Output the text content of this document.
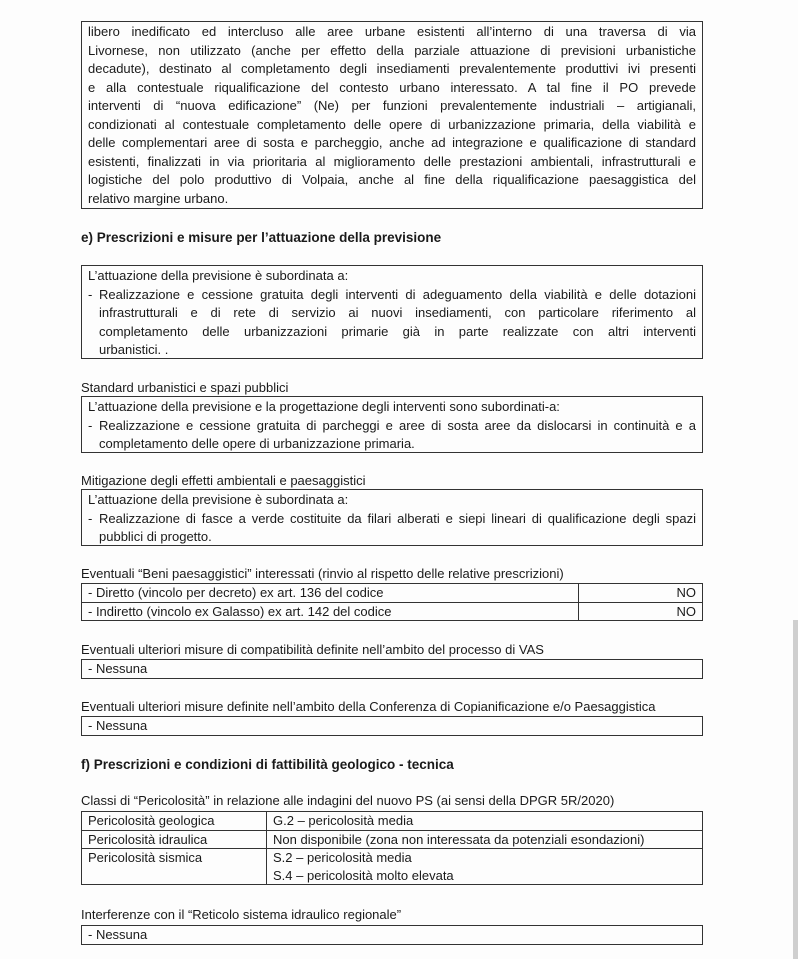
libero inedificato ed intercluso alle aree urbane esistenti all’interno di una traversa di via
Livornese, non utilizzato (anche per effetto della parziale attuazione di previsioni urbanistiche
decadute), destinato al completamento degli insediamenti prevalentemente produttivi ivi presenti
e alla contestuale riqualificazione del contesto urbano interessato. A tal fine il PO prevede
interventi di “nuova edificazione” (Ne) per funzioni prevalentemente industriali – artigianali,
condizionati al contestuale completamento delle opere di urbanizzazione primaria, della viabilità e
delle complementari aree di sosta e parcheggio, anche ad integrazione e qualificazione di standard
esistenti, finalizzati in via prioritaria al miglioramento delle prestazioni ambientali, infrastrutturali e
logistiche del polo produttivo di Volpaia, anche al fine della riqualificazione paesaggistica del
relativo margine urbano.
e) Prescrizioni e misure per l’attuazione della previsione
L’attuazione della previsione è subordinata a:
- Realizzazione e cessione gratuita degli interventi di adeguamento della viabilità e delle dotazioni
infrastrutturali e di rete di servizio ai nuovi insediamenti, con particolare riferimento al
completamento delle urbanizzazioni primarie già in parte realizzate con altri interventi
urbanistici. .
Standard urbanistici e spazi pubblici
L’attuazione della previsione e la progettazione degli interventi sono subordinati-a:
- Realizzazione e cessione gratuita di parcheggi e aree di sosta aree da dislocarsi in continuità e a
completamento delle opere di urbanizzazione primaria.
Mitigazione degli effetti ambientali e paesaggistici
L’attuazione della previsione è subordinata a:
- Realizzazione di fasce a verde costituite da filari alberati e siepi lineari di qualificazione degli spazi
pubblici di progetto.
Eventuali “Beni paesaggistici” interessati (rinvio al rispetto delle relative prescrizioni)
- Diretto (vincolo per decreto) ex art. 136 del codice	NO
- Indiretto (vincolo ex Galasso) ex art. 142 del codice	NO
Eventuali ulteriori misure di compatibilità definite nell’ambito del processo di VAS
- Nessuna
Eventuali ulteriori misure definite nell’ambito della Conferenza di Copianificazione e/o Paesaggistica
- Nessuna
f) Prescrizioni e condizioni di fattibilità geologico - tecnica
Classi di “Pericolosità” in relazione alle indagini del nuovo PS (ai sensi della DPGR 5R/2020)
Pericolosità geologica	G.2 – pericolosità media
Pericolosità idraulica	Non disponibile (zona non interessata da potenziali esondazioni)
Pericolosità sismica	S.2 – pericolosità media
S.4 – pericolosità molto elevata
Interferenze con il “Reticolo sistema idraulico regionale”
- Nessuna
